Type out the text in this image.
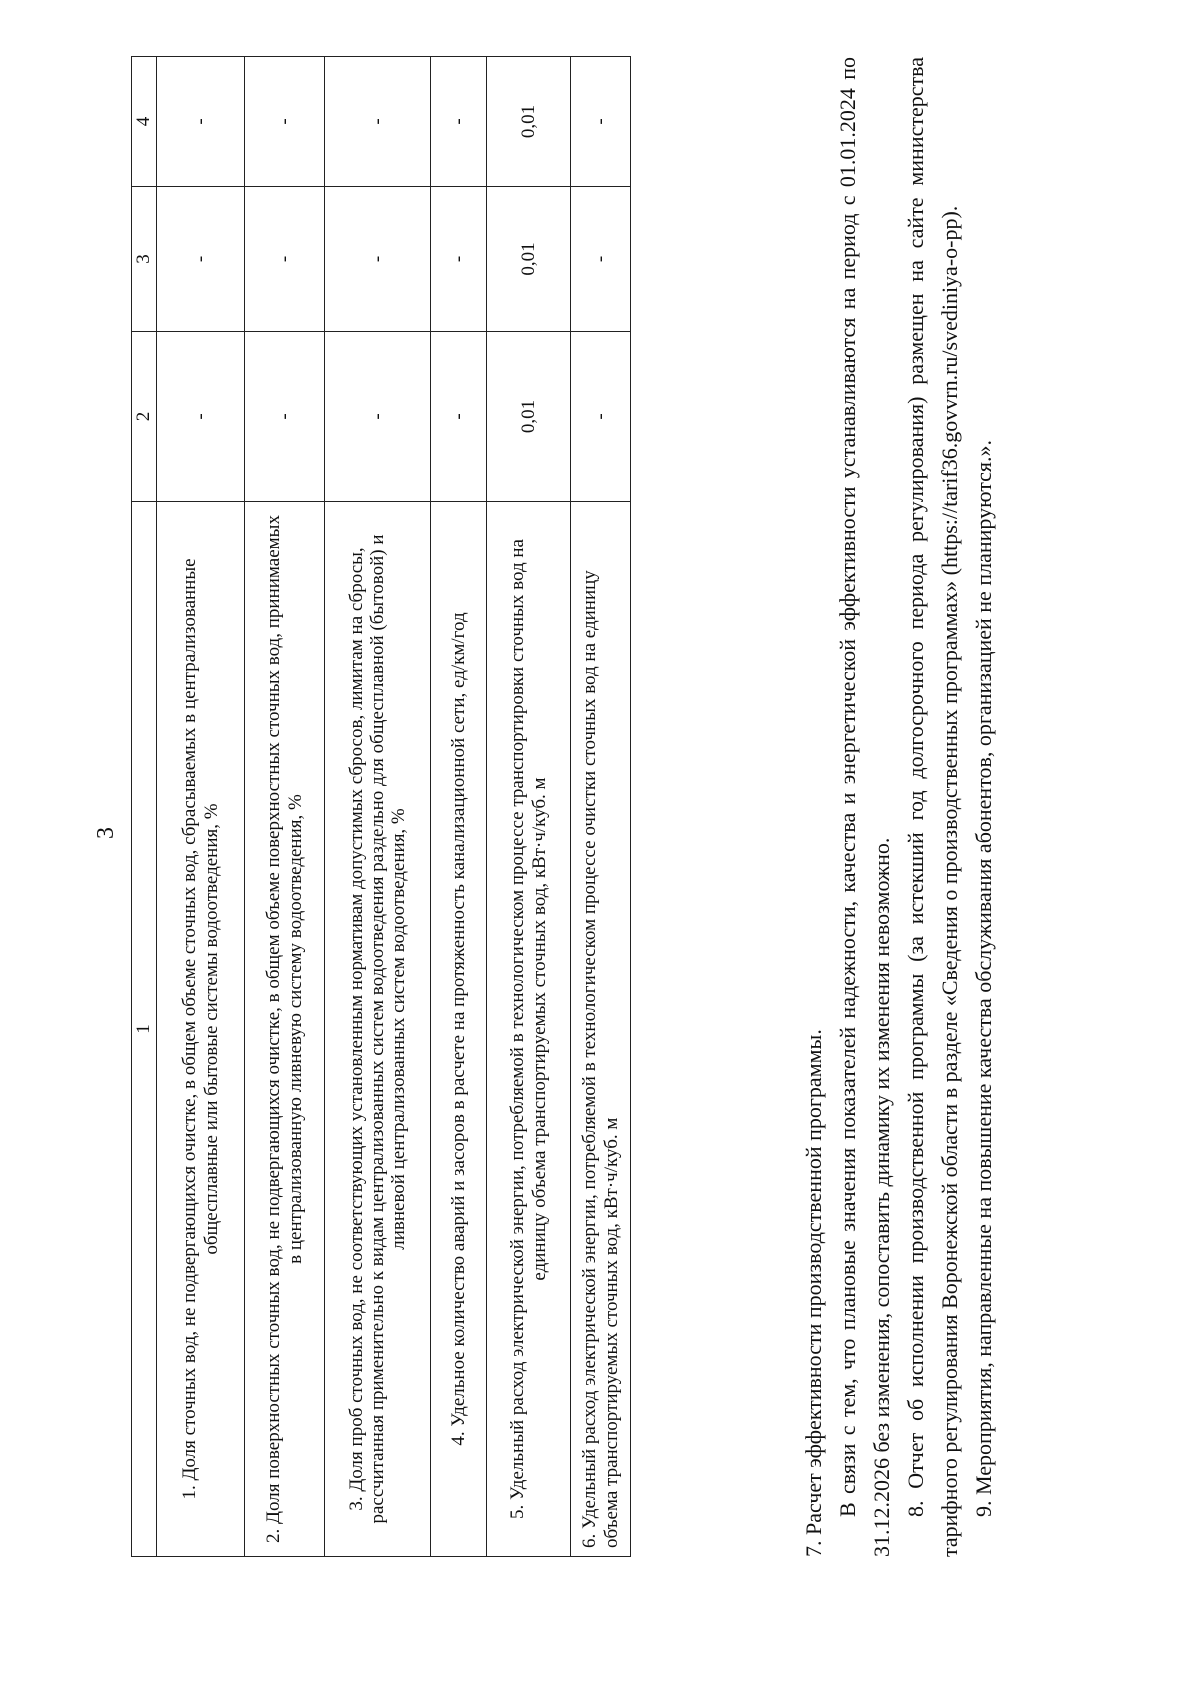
3
1	2	3	4
1. Доля сточных вод, не подвергающихся очистке, в общем объеме сточных вод, сбрасываемых в централизованные общесплавные или бытовые системы водоотведения, %	-	-	-
2. Доля поверхностных сточных вод, не подвергающихся очистке, в общем объеме поверхностных сточных вод, принимаемых в централизованную ливневую систему водоотведения, %	-	-	-
3. Доля проб сточных вод, не соответствующих установленным нормативам допустимых сбросов, лимитам на сбросы, рассчитанная применительно к видам централизованных систем водоотведения раздельно для общесплавной (бытовой) и ливневой централизованных систем водоотведения, %	-	-	-
4. Удельное количество аварий и засоров в расчете на протяженность канализационной сети, ед/км/год	-	-	-
5. Удельный расход электрической энергии, потребляемой в технологическом процессе транспортировки сточных вод на единицу объема транспортируемых сточных вод, кВт·ч/куб. м	0,01	0,01	0,01
6. Удельный расход электрической энергии, потребляемой в технологическом процессе очистки сточных вод на единицу объема транспортируемых сточных вод, кВт·ч/куб. м	-	-	-

7. Расчет эффективности производственной программы. В связи с тем, что плановые значения показателей надежности, качества и энергетической эффективности устанавливаются на период с 01.01.2024 по 31.12.2026 без изменения, сопоставить динамику их изменения невозможно. 8. Отчет об исполнении производственной программы (за истекший год долгосрочного периода регулирования) размещен на сайте министерства тарифного регулирования Воронежской области в разделе «Сведения о производственных программах» (https://tarif36.govvrn.ru/svediniya-o-pp). 9. Мероприятия, направленные на повышение качества обслуживания абонентов, организацией не планируются.».
